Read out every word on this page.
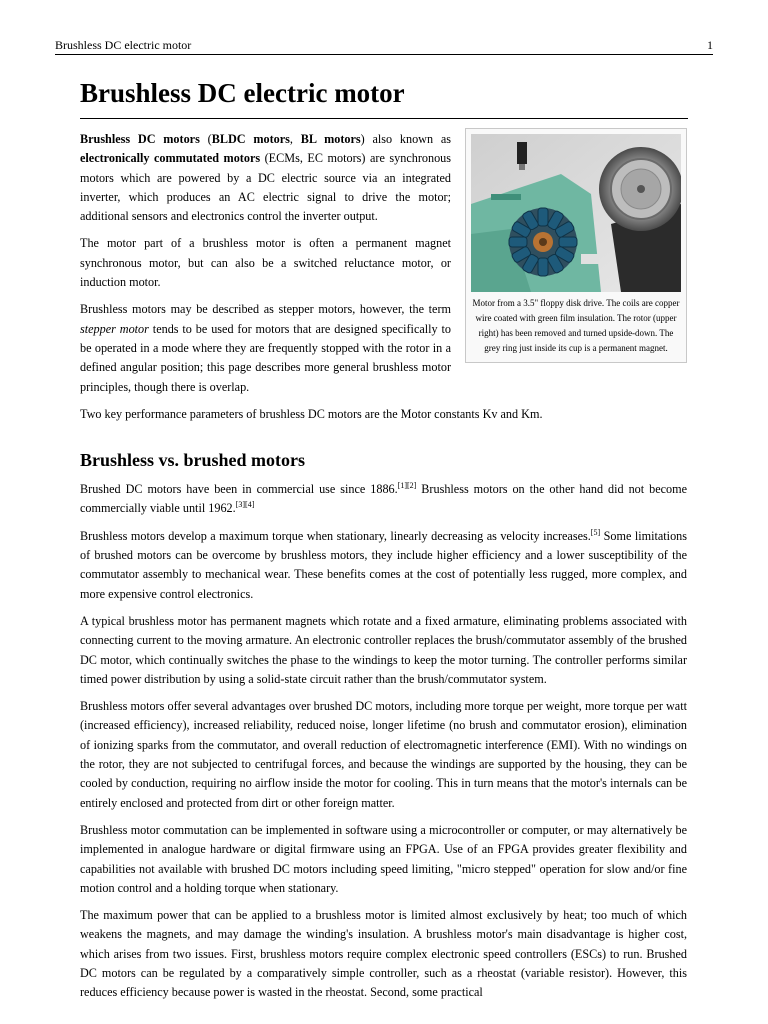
Brushless DC electric motor	1
Brushless DC electric motor
Motor from a 3.5" floppy disk drive. The coils are copper wire coated with green film insulation. The rotor (upper right) has been removed and turned upside-down. The grey ring just inside its cup is a permanent magnet.

Brushless DC motors (BLDC motors, BL motors) also known as electronically commutated motors (ECMs, EC motors) are synchronous motors which are powered by a DC electric source via an integrated inverter, which produces an AC electric signal to drive the motor; additional sensors and electronics control the inverter output.

The motor part of a brushless motor is often a permanent magnet synchronous motor, but can also be a switched reluctance motor, or induction motor.

Brushless motors may be described as stepper motors, however, the term stepper motor tends to be used for motors that are designed specifically to be operated in a mode where they are frequently stopped with the rotor in a defined angular position; this page describes more general brushless motor principles, though there is overlap.

Two key performance parameters of brushless DC motors are the Motor constants Kv and Km.

Brushless vs. brushed motors

Brushed DC motors have been in commercial use since 1886.[1][2] Brushless motors on the other hand did not become commercially viable until 1962.[3][4]

Brushless motors develop a maximum torque when stationary, linearly decreasing as velocity increases.[5] Some limitations of brushed motors can be overcome by brushless motors, they include higher efficiency and a lower susceptibility of the commutator assembly to mechanical wear. These benefits comes at the cost of potentially less rugged, more complex, and more expensive control electronics.

A typical brushless motor has permanent magnets which rotate and a fixed armature, eliminating problems associated with connecting current to the moving armature. An electronic controller replaces the brush/commutator assembly of the brushed DC motor, which continually switches the phase to the windings to keep the motor turning. The controller performs similar timed power distribution by using a solid-state circuit rather than the brush/commutator system.

Brushless motors offer several advantages over brushed DC motors, including more torque per weight, more torque per watt (increased efficiency), increased reliability, reduced noise, longer lifetime (no brush and commutator erosion), elimination of ionizing sparks from the commutator, and overall reduction of electromagnetic interference (EMI). With no windings on the rotor, they are not subjected to centrifugal forces, and because the windings are supported by the housing, they can be cooled by conduction, requiring no airflow inside the motor for cooling. This in turn means that the motor's internals can be entirely enclosed and protected from dirt or other foreign matter.

Brushless motor commutation can be implemented in software using a microcontroller or computer, or may alternatively be implemented in analogue hardware or digital firmware using an FPGA. Use of an FPGA provides greater flexibility and capabilities not available with brushed DC motors including speed limiting, "micro stepped" operation for slow and/or fine motion control and a holding torque when stationary.

The maximum power that can be applied to a brushless motor is limited almost exclusively by heat; too much of which weakens the magnets, and may damage the winding's insulation. A brushless motor's main disadvantage is higher cost, which arises from two issues. First, brushless motors require complex electronic speed controllers (ESCs) to run. Brushed DC motors can be regulated by a comparatively simple controller, such as a rheostat (variable resistor). However, this reduces efficiency because power is wasted in the rheostat. Second, some practical
